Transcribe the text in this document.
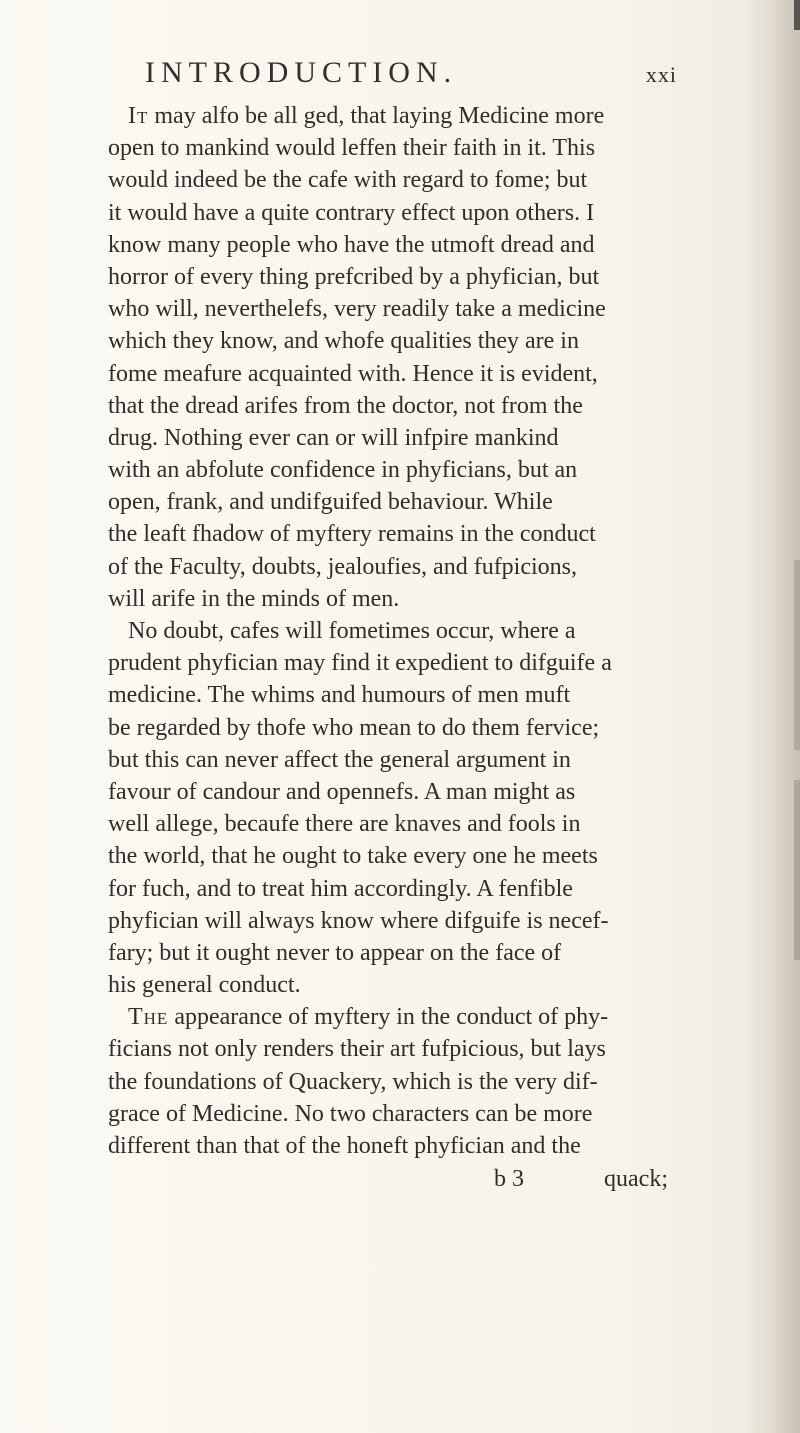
INTRODUCTION.	xxi
It may alfo be all ged, that laying Medicine more
open to mankind would leffen their faith in it. This
would indeed be the cafe with regard to fome; but
it would have a quite contrary effect upon others. I
know many people who have the utmoft dread and
horror of every thing prefcribed by a phyfician, but
who will, neverthelefs, very readily take a medicine
which they know, and whofe qualities they are in
fome meafure acquainted with. Hence it is evident,
that the dread arifes from the doctor, not from the
drug. Nothing ever can or will infpire mankind
with an abfolute confidence in phyficians, but an
open, frank, and undifguifed behaviour. While
the leaft fhadow of myftery remains in the conduct
of the Faculty, doubts, jealoufies, and fufpicions,
will arife in the minds of men.
No doubt, cafes will fometimes occur, where a
prudent phyfician may find it expedient to difguife a
medicine. The whims and humours of men muft
be regarded by thofe who mean to do them fervice;
but this can never affect the general argument in
favour of candour and opennefs. A man might as
well allege, becaufe there are knaves and fools in
the world, that he ought to take every one he meets
for fuch, and to treat him accordingly. A fenfible
phyfician will always know where difguife is necef-
fary; but it ought never to appear on the face of
his general conduct.
The appearance of myftery in the conduct of phy-
ficians not only renders their art fufpicious, but lays
the foundations of Quackery, which is the very dif-
grace of Medicine. No two characters can be more
different than that of the honeft phyfician and the
b 3	quack;
